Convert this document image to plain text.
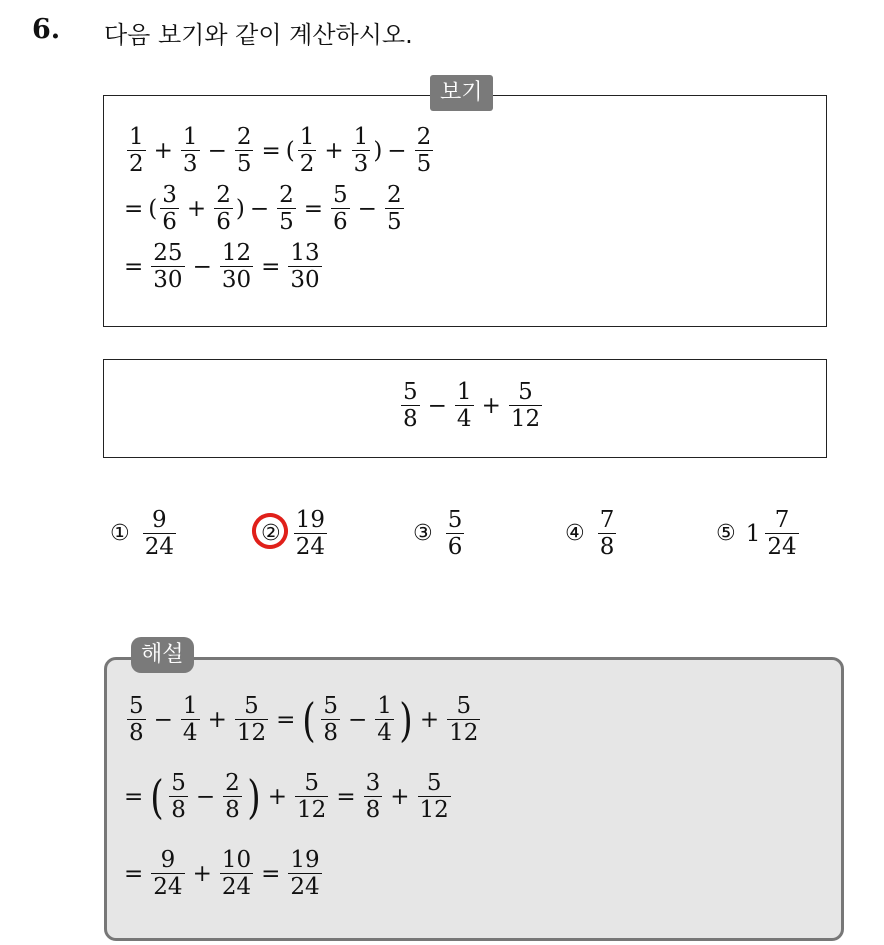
6. 다음 보기와 같이 계산하시오.
보기
$\frac{1}{2} + \frac{1}{3} - \frac{2}{5}$ = ( $\frac{1}{2} + \frac{1}{3}$ ) − $\frac{2}{5}$
= ( $\frac{3}{6} + \frac{2}{6}$ ) − $\frac{2}{5} = \frac{5}{6} - \frac{2}{5}$
= $\frac{25}{30} - \frac{12}{30} = \frac{13}{30}$
$\frac{5}{8} - \frac{1}{4} + \frac{5}{12}$
① $\frac{9}{24}$	② $\frac{19}{24}$	③ $\frac{5}{6}$	④ $\frac{7}{8}$	⑤ $1 \frac{7}{24}$
해설
$\frac{5}{8} - \frac{1}{4} + \frac{5}{12}$ = ( $\frac{5}{8} - \frac{1}{4}$ ) + $\frac{5}{12}$
= ( $\frac{5}{8} - \frac{2}{8}$ ) + $\frac{5}{12} = \frac{3}{8} + \frac{5}{12}$
= $\frac{9}{24} + \frac{10}{24} = \frac{19}{24}$
